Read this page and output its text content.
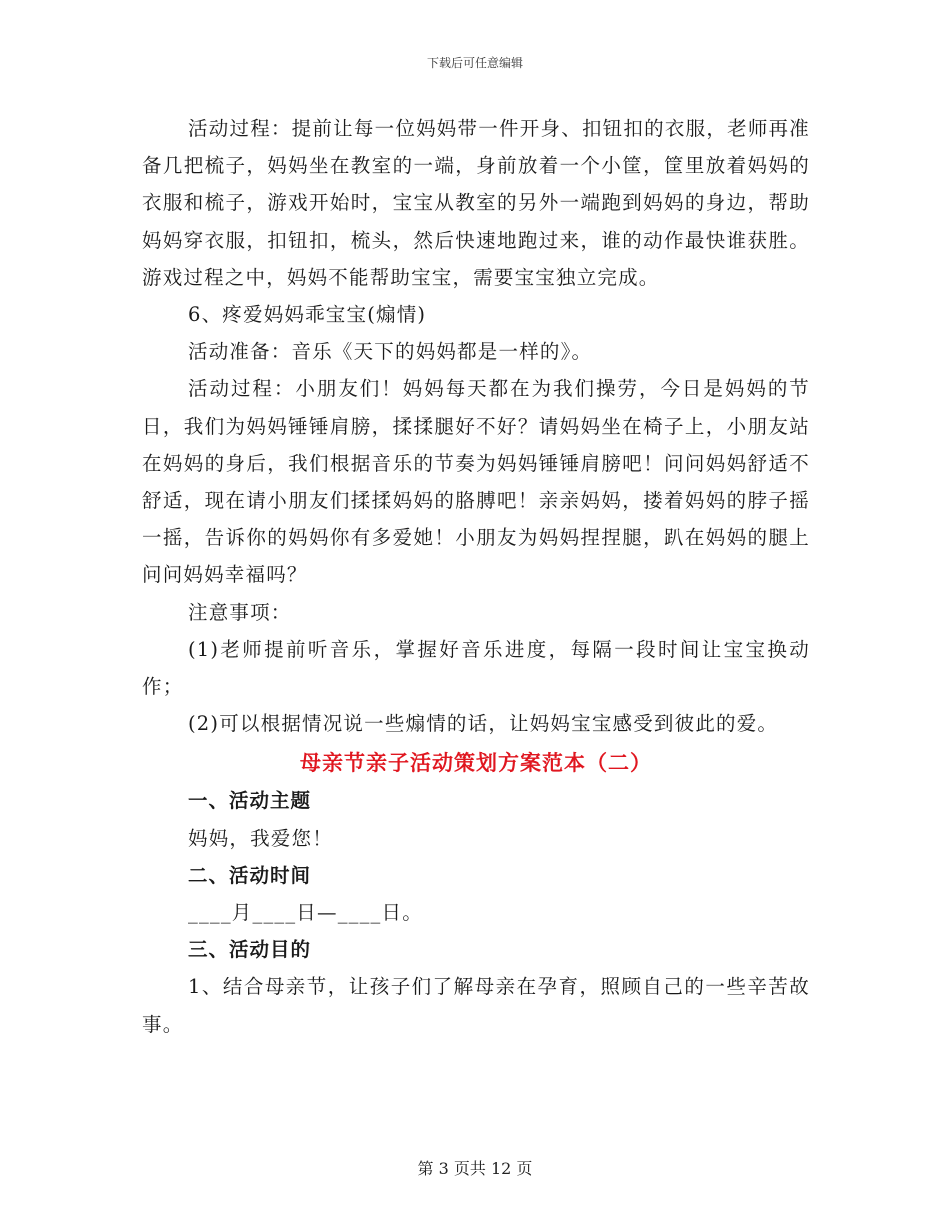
下载后可任意编辑

活动过程：提前让每一位妈妈带一件开身、扣钮扣的衣服，老师再准备几把梳子，妈妈坐在教室的一端，身前放着一个小筐，筐里放着妈妈的衣服和梳子，游戏开始时，宝宝从教室的另外一端跑到妈妈的身边，帮助妈妈穿衣服，扣钮扣，梳头，然后快速地跑过来，谁的动作最快谁获胜。游戏过程之中，妈妈不能帮助宝宝，需要宝宝独立完成。

6、疼爱妈妈乖宝宝(煽情)

活动准备：音乐《天下的妈妈都是一样的》。

活动过程：小朋友们！妈妈每天都在为我们操劳，今日是妈妈的节日，我们为妈妈锤锤肩膀，揉揉腿好不好？请妈妈坐在椅子上，小朋友站在妈妈的身后，我们根据音乐的节奏为妈妈锤锤肩膀吧！问问妈妈舒适不舒适，现在请小朋友们揉揉妈妈的胳膊吧！亲亲妈妈，搂着妈妈的脖子摇一摇，告诉你的妈妈你有多爱她！小朋友为妈妈捏捏腿，趴在妈妈的腿上问问妈妈幸福吗？

注意事项：

(1)老师提前听音乐，掌握好音乐进度，每隔一段时间让宝宝换动作；

(2)可以根据情况说一些煽情的话，让妈妈宝宝感受到彼此的爱。

母亲节亲子活动策划方案范本（二）

一、活动主题

妈妈，我爱您！

二、活动时间

____月____日—____日。

三、活动目的

1、结合母亲节，让孩子们了解母亲在孕育，照顾自己的一些辛苦故事。

第 3 页共 12 页
